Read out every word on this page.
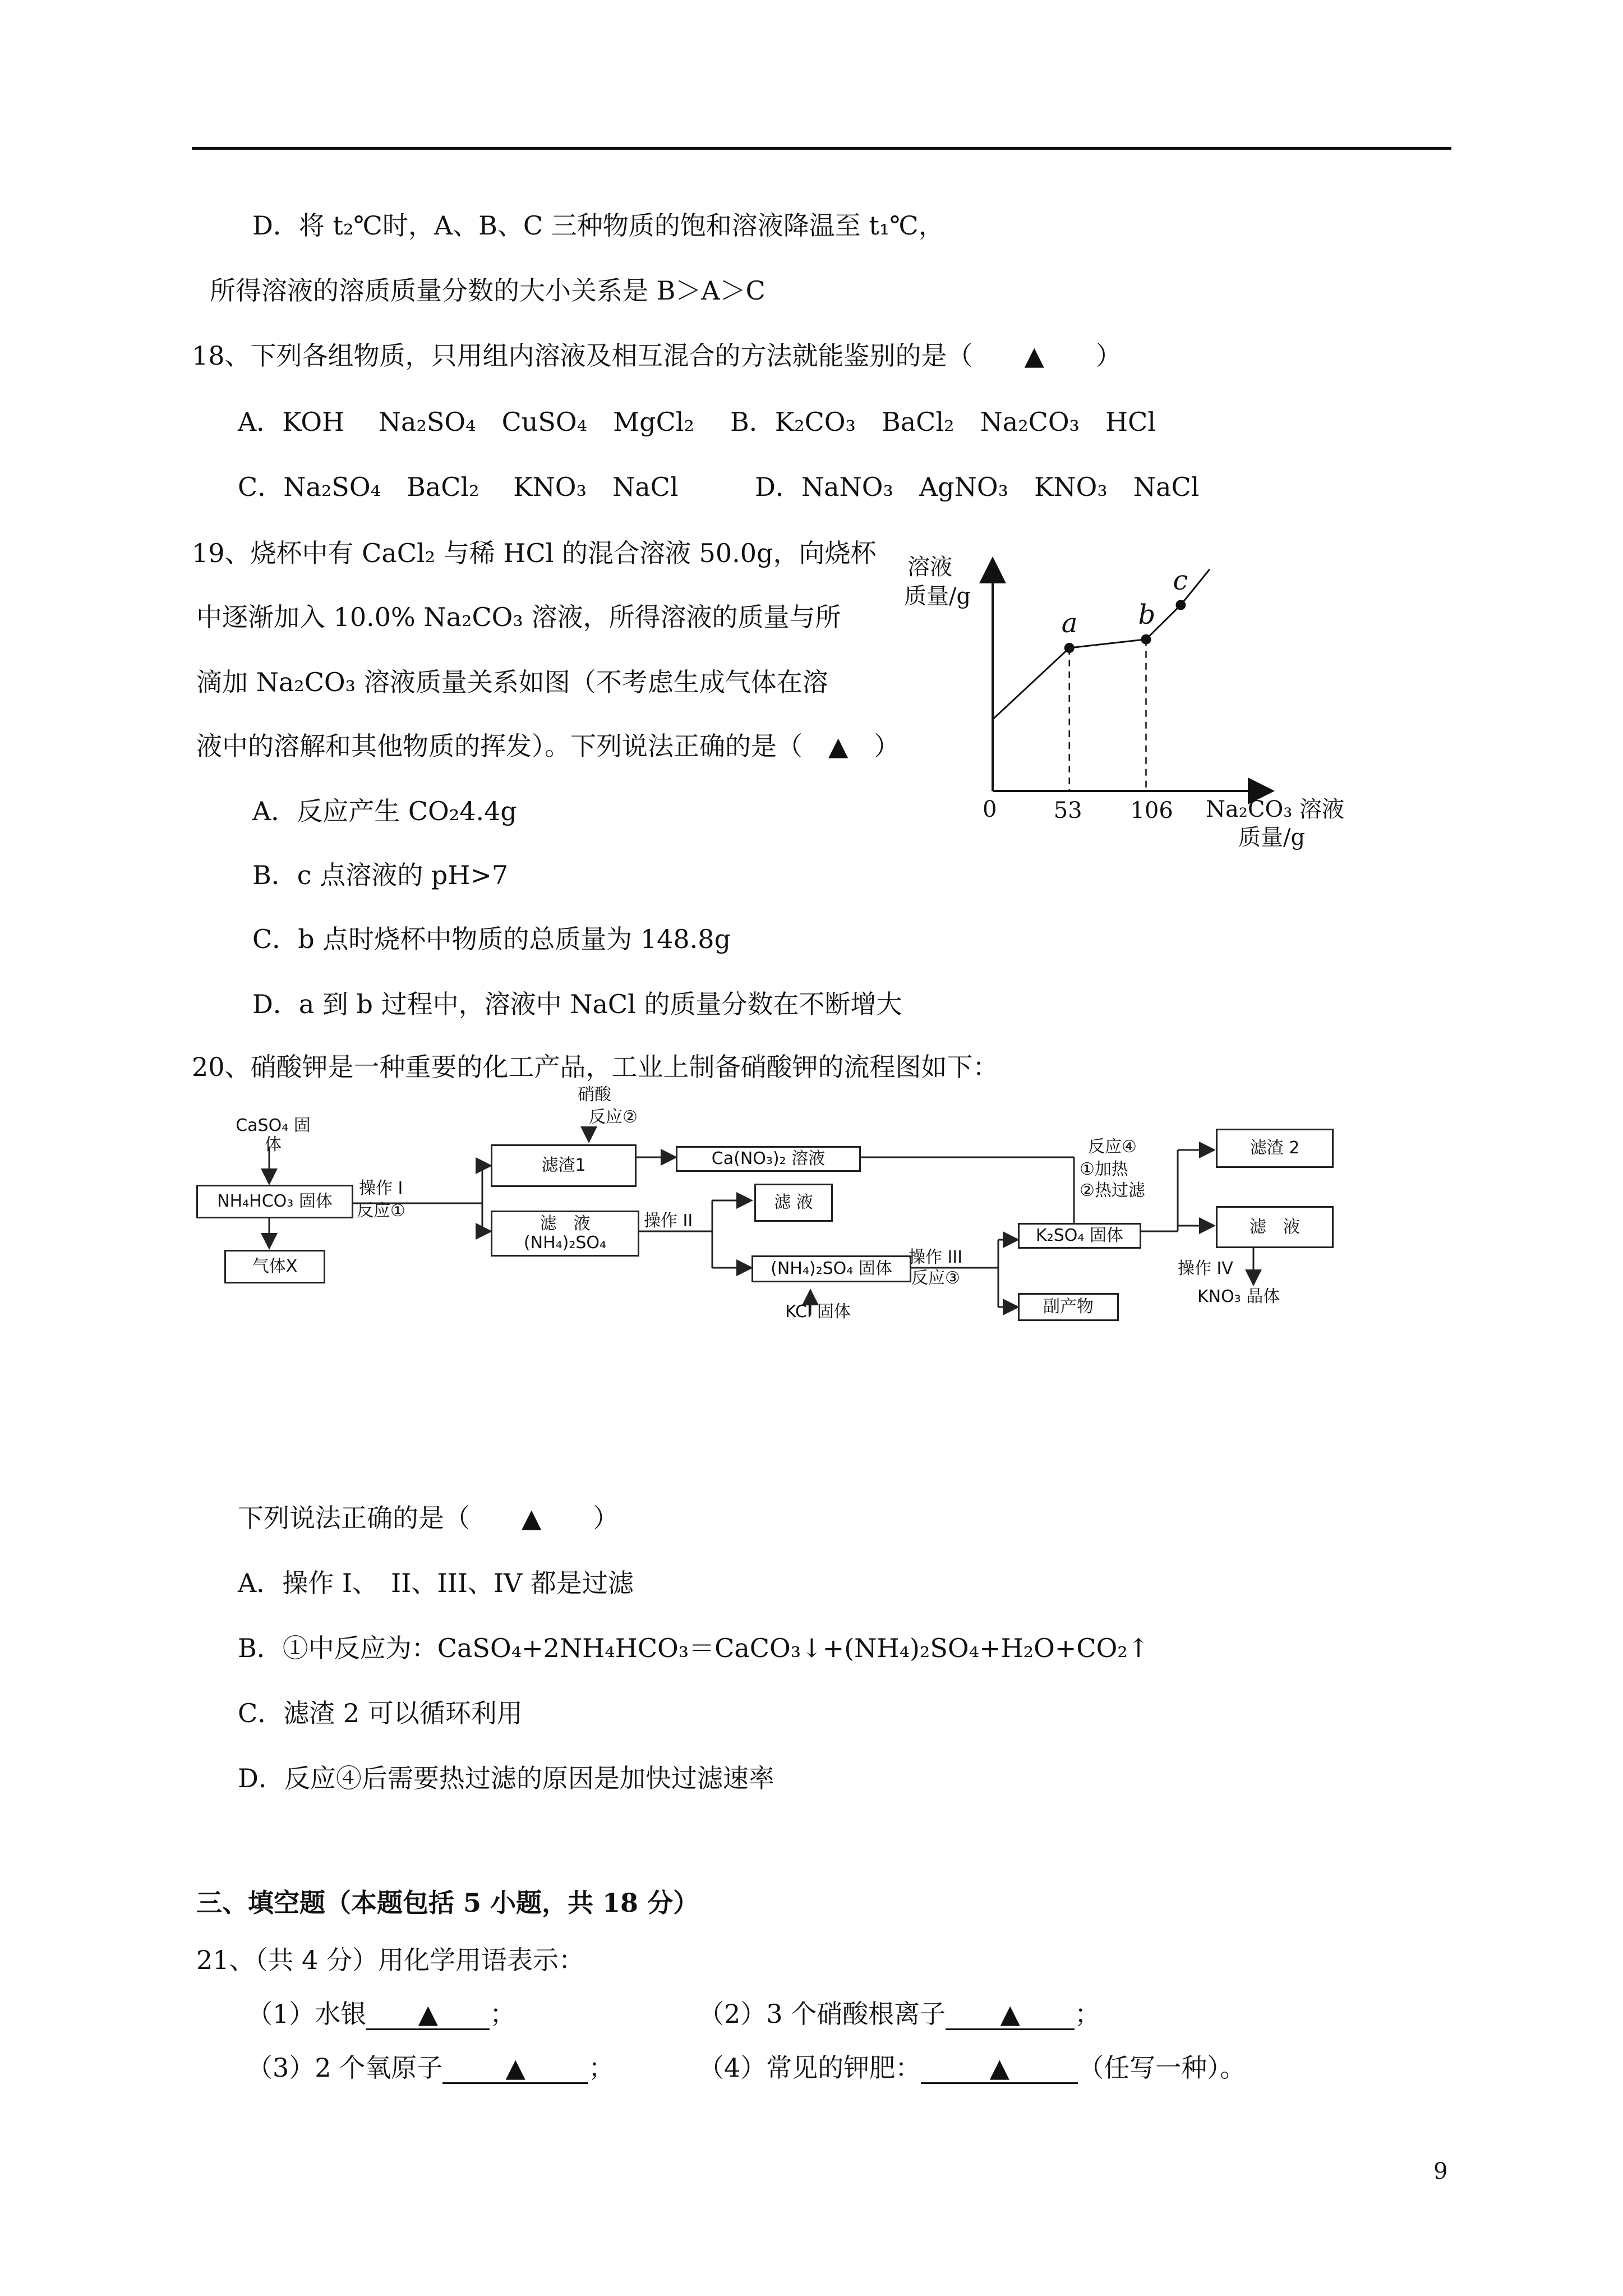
D．将 t₂℃时，A、B、C 三种物质的饱和溶液降温至 t₁℃，
所得溶液的溶质质量分数的大小关系是 B＞A＞C
18、下列各组物质，只用组内溶液及相互混合的方法就能鉴别的是（　　▲　　）
A．KOH　 Na₂SO₄　CuSO₄　MgCl₂ B．K₂CO₃　BaCl₂　Na₂CO₃　HCl
C．Na₂SO₄　BaCl₂　 KNO₃　NaCl	D．NaNO₃　AgNO₃　KNO₃　NaCl
19、烧杯中有 CaCl₂ 与稀 HCl 的混合溶液 50.0g，向烧杯
中逐渐加入 10.0% Na₂CO₃ 溶液，所得溶液的质量与所
滴加 Na₂CO₃ 溶液质量关系如图（不考虑生成气体在溶
液中的溶解和其他物质的挥发）。下列说法正确的是（　▲　）
A．反应产生 CO₂4.4g
B．c 点溶液的 pH>7
C．b 点时烧杯中物质的总质量为 148.8g
D．a 到 b 过程中，溶液中 NaCl 的质量分数在不断增大
溶液
质量/g
0	Na₂CO₃ 溶液
质量/g
a b
c
53 106
20、硝酸钾是一种重要的化工产品，工业上制备硝酸钾的流程图如下：
CaSO₄ 固体
NH₄HCO₃ 固体
气体X
操作 I
反应①
硝酸
反应②
滤渣1
滤　液
(NH₄)₂SO₄
Ca(NO₃)₂ 溶液
操作 II
滤 液
(NH₄)₂SO₄ 固体
KCl 固体
操作 III
反应③
K₂SO₄ 固体
副产物
反应④
①加热
②热过滤
滤渣 2
滤　液
操作 IV
KNO₃ 晶体
下列说法正确的是（　　▲　　）
A．操作 I、　II、III、IV 都是过滤
B．①中反应为：CaSO₄+2NH₄HCO₃＝CaCO₃↓+(NH₄)₂SO₄+H₂O+CO₂↑
C．滤渣 2 可以循环利用
D．反应④后需要热过滤的原因是加快过滤速率
三、填空题（本题包括 5 小题，共 18 分）
21、（共 4 分）用化学用语表示：
（1）水银 ▲ ；	（2）3 个硝酸根离子 ▲ ；
（3）2 个氧原子 ▲ ；	（4）常见的钾肥：	▲	（任写一种）。
9
